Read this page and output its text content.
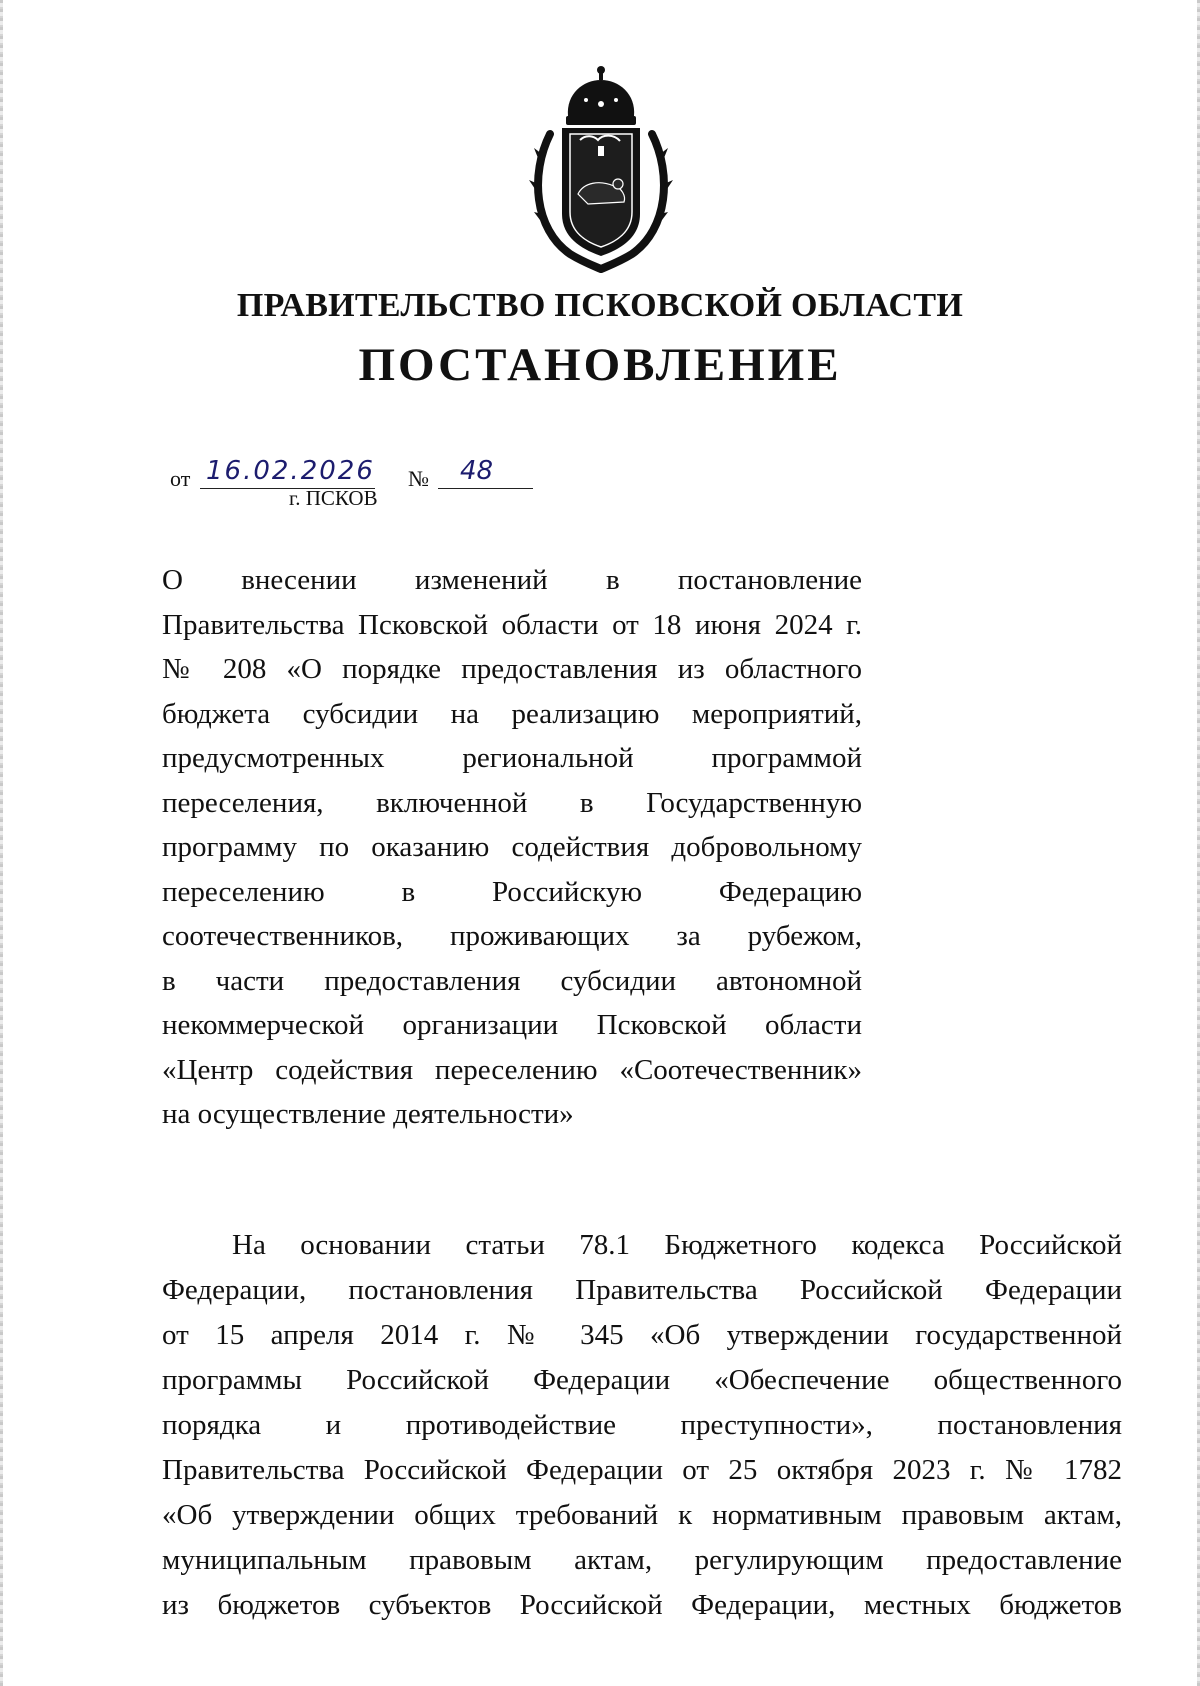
ПРАВИТЕЛЬСТВО ПСКОВСКОЙ ОБЛАСТИ
ПОСТАНОВЛЕНИЕ
от 16.02.2026 № 48
г. ПСКОВ
О внесении изменений в постановление
Правительства Псковской области от 18 июня 2024 г.
№ 208 «О порядке предоставления из областного
бюджета субсидии на реализацию мероприятий,
предусмотренных региональной программой
переселения, включенной в Государственную
программу по оказанию содействия добровольному
переселению в Российскую Федерацию
соотечественников, проживающих за рубежом,
в части предоставления субсидии автономной
некоммерческой организации Псковской области
«Центр содействия переселению «Соотечественник»
на осуществление деятельности»
На основании статьи 78.1 Бюджетного кодекса Российской
Федерации, постановления Правительства Российской Федерации
от 15 апреля 2014 г. № 345 «Об утверждении государственной
программы Российской Федерации «Обеспечение общественного
порядка и противодействие преступности», постановления
Правительства Российской Федерации от 25 октября 2023 г. № 1782
«Об утверждении общих требований к нормативным правовым актам,
муниципальным правовым актам, регулирующим предоставление
из бюджетов субъектов Российской Федерации, местных бюджетов
